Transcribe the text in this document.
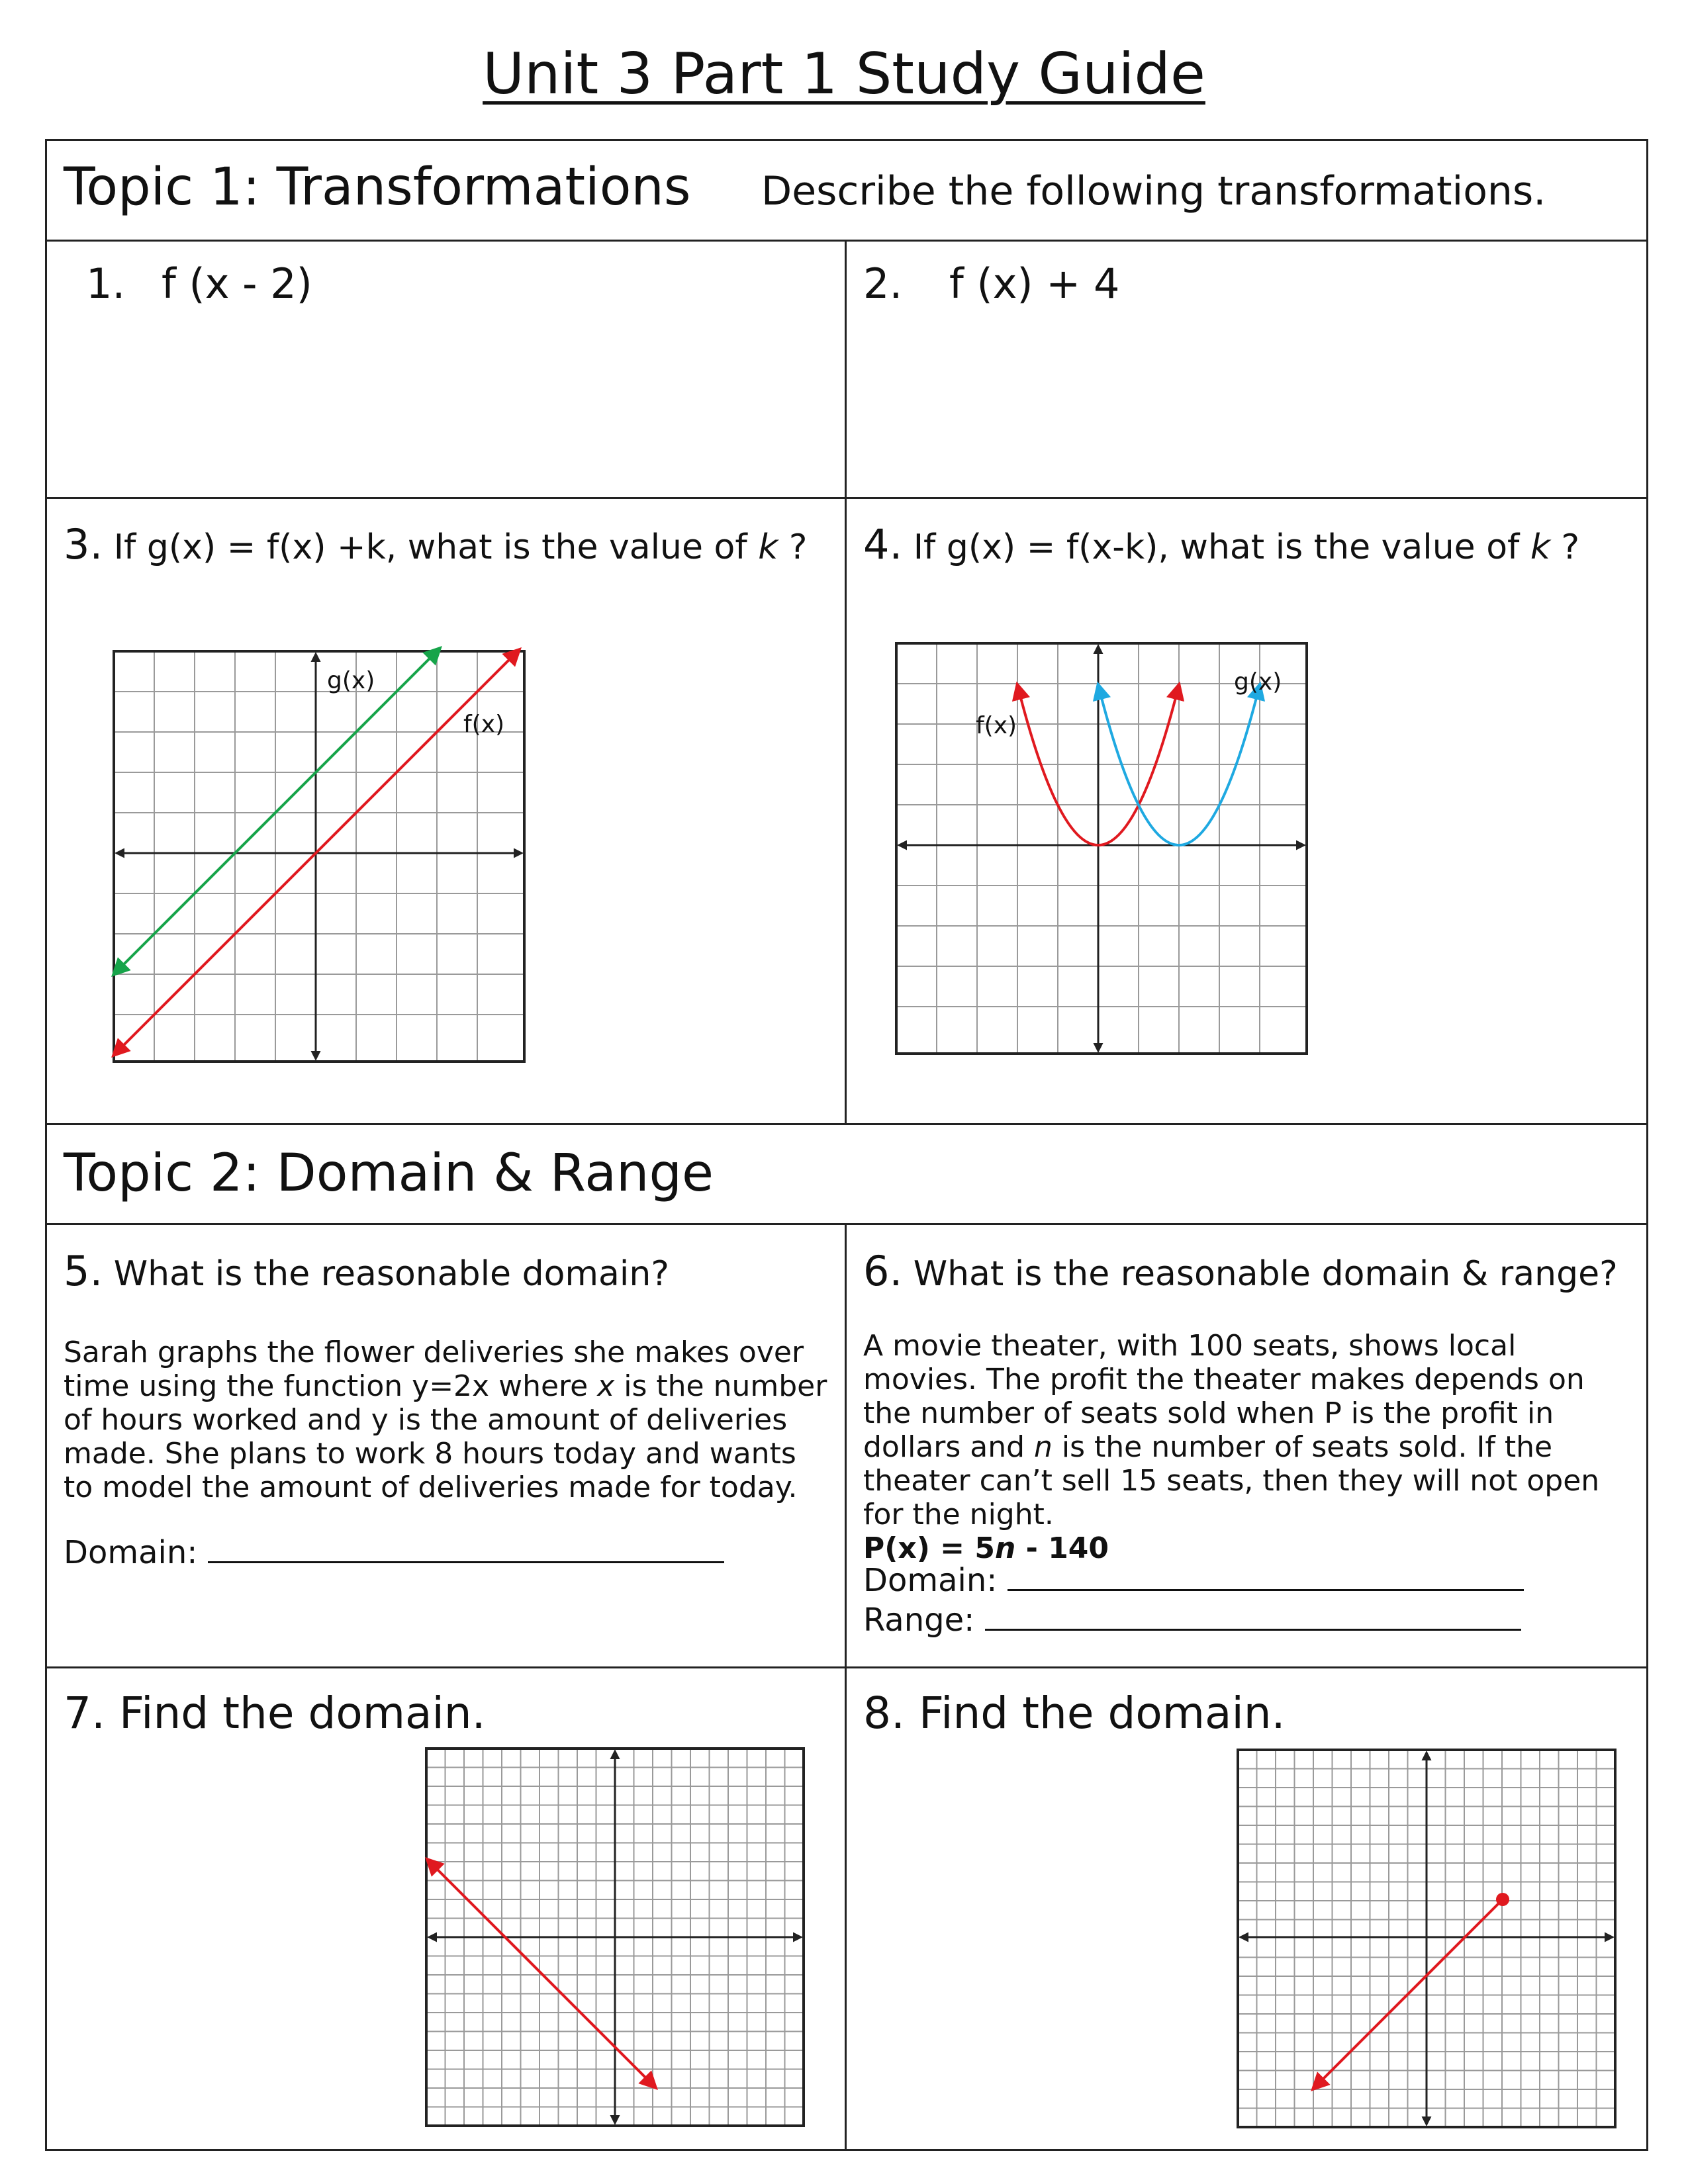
Unit 3 Part 1 Study Guide
Topic 1: Transformations Describe the following transformations.
1. f (x - 2)	2. f (x) + 4
3. If g(x) = f(x) +k, what is the value of k ? 4. If g(x) = f(x-k), what is the value of k ?
g(x)
f(x)	f(x)
g(x)
Topic 2: Domain & Range
5. What is the reasonable domain?
Sarah graphs the flower deliveries she makes over time using the function y=2x where x is the number of hours worked and y is the amount of deliveries made. She plans to work 8 hours today and wants to model the amount of deliveries made for today.
Domain:
6. What is the reasonable domain & range?
A movie theater, with 100 seats, shows local movies. The profit the theater makes depends on the number of seats sold when P is the profit in dollars and n is the number of seats sold. If the theater can’t sell 15 seats, then they will not open for the night.
P(x) = 5n - 140
Domain:
Range:
7. Find the domain.	8. Find the domain.
